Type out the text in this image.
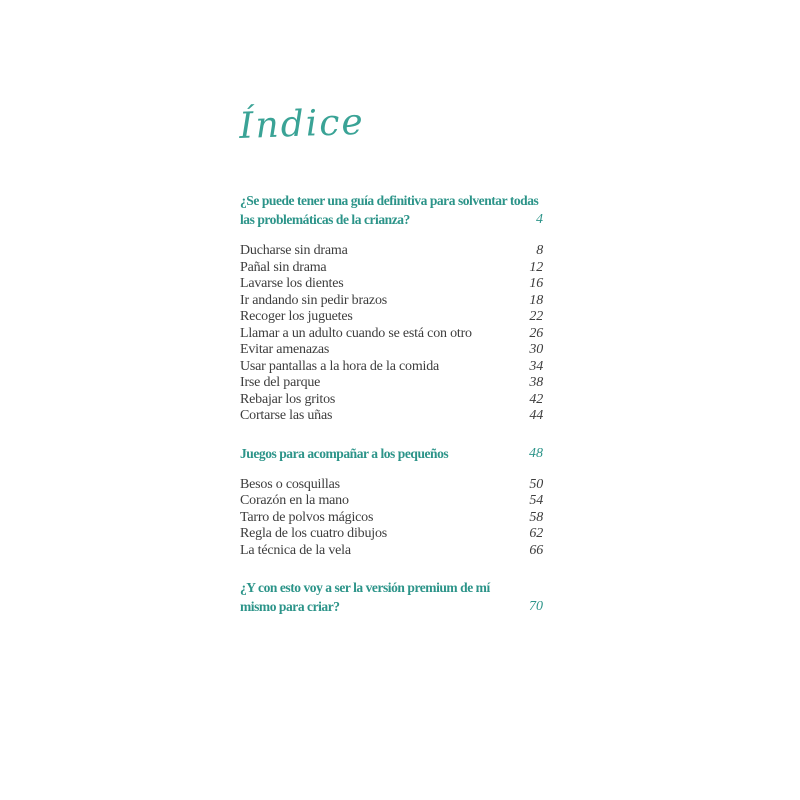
Índice
¿Se puede tener una guía definitiva para solventar todas las problemáticas de la crianza?	4
Ducharse sin drama	8
Pañal sin drama	12
Lavarse los dientes	16
Ir andando sin pedir brazos	18
Recoger los juguetes	22
Llamar a un adulto cuando se está con otro	26
Evitar amenazas	30
Usar pantallas a la hora de la comida	34
Irse del parque	38
Rebajar los gritos	42
Cortarse las uñas	44
Juegos para acompañar a los pequeños	48
Besos o cosquillas	50
Corazón en la mano	54
Tarro de polvos mágicos	58
Regla de los cuatro dibujos	62
La técnica de la vela	66
¿Y con esto voy a ser la versión premium de mí mismo para criar?	70
